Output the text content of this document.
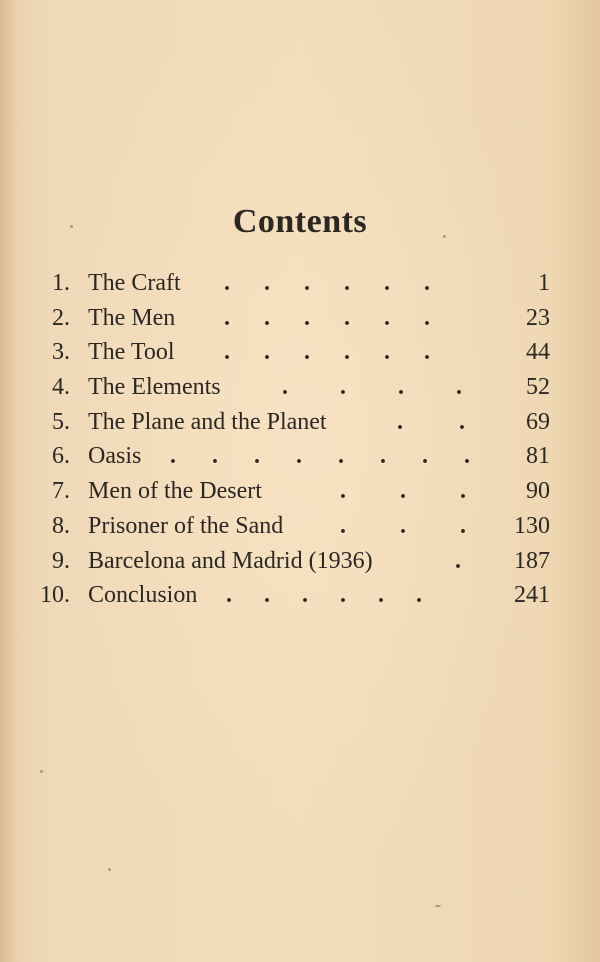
Contents
1. The Craft . . . . . .	1
2. The Men . . . . . .	23
3. The Tool . . . . . .	44
4. The Elements	. . . .	52
5. The Plane and the Planet	. .	69
6. Oasis . . . . . . . . 81
7. Men of the Desert	. . .	90
8. Prisoner of the Sand . . . 130
9. Barcelona and Madrid (1936)	. 187
10. Conclusion . . . . . .	241
